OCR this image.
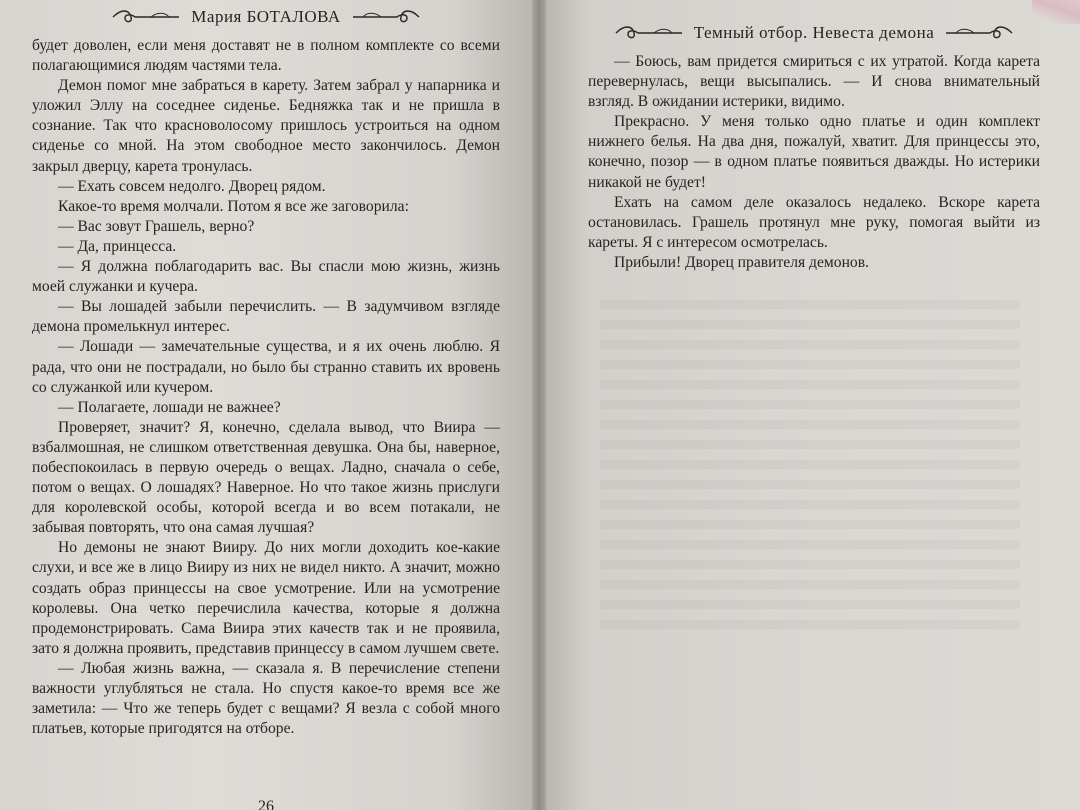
Мария БОТАЛОВА

будет доволен, если меня доставят не в полном комплекте со всеми полагающимися людям частями тела.

Демон помог мне забраться в карету. Затем забрал у напарника и уложил Эллу на соседнее сиденье. Бедняжка так и не пришла в сознание. Так что красноволосому пришлось устроиться на одном сиденье со мной. На этом свободное место закончилось. Демон закрыл дверцу, карета тронулась.

— Ехать совсем недолго. Дворец рядом.

Какое-то время молчали. Потом я все же заговорила:

— Вас зовут Грашель, верно?

— Да, принцесса.

— Я должна поблагодарить вас. Вы спасли мою жизнь, жизнь моей служанки и кучера.

— Вы лошадей забыли перечислить. — В задумчивом взгляде демона промелькнул интерес.

— Лошади — замечательные существа, и я их очень люблю. Я рада, что они не пострадали, но было бы странно ставить их вровень со служанкой или кучером.

— Полагаете, лошади не важнее?

Проверяет, значит? Я, конечно, сделала вывод, что Виира — взбалмошная, не слишком ответственная девушка. Она бы, наверное, побеспокоилась в первую очередь о вещах. Ладно, сначала о себе, потом о вещах. О лошадях? Наверное. Но что такое жизнь прислуги для королевской особы, которой всегда и во всем потакали, не забывая повторять, что она самая лучшая?

Но демоны не знают Вииру. До них могли доходить кое-какие слухи, и все же в лицо Вииру из них не видел никто. А значит, можно создать образ принцессы на свое усмотрение. Или на усмотрение королевы. Она четко перечислила качества, которые я должна продемонстрировать. Сама Виира этих качеств так и не проявила, зато я должна проявить, представив принцессу в самом лучшем свете.

— Любая жизнь важна, — сказала я. В перечисление степени важности углубляться не стала. Но спустя какое-то время все же заметила: — Что же теперь будет с вещами? Я везла с собой много платьев, которые пригодятся на отборе.

26
Темный отбор. Невеста демона

— Боюсь, вам придется смириться с их утратой. Когда карета перевернулась, вещи высыпались. — И снова внимательный взгляд. В ожидании истерики, видимо.

Прекрасно. У меня только одно платье и один комплект нижнего белья. На два дня, пожалуй, хватит. Для принцессы это, конечно, позор — в одном платье появиться дважды. Но истерики никакой не будет!

Ехать на самом деле оказалось недалеко. Вскоре карета остановилась. Грашель протянул мне руку, помогая выйти из кареты. Я с интересом осмотрелась.

Прибыли! Дворец правителя демонов.
